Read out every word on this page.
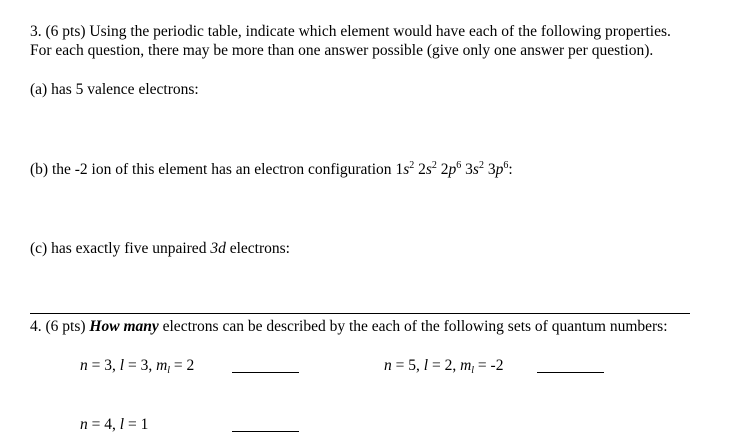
3. (6 pts) Using the periodic table, indicate which element would have each of the following properties.
For each question, there may be more than one answer possible (give only one answer per question).
(a) has 5 valence electrons:
(b) the -2 ion of this element has an electron configuration $1s^2$ $2s^2$ $2p^6$ $3s^2$ $3p^6$:
(c) has exactly five unpaired 3d electrons:
4. (6 pts) How many electrons can be described by the each of the following sets of quantum numbers:
n = 3, l = 3, $m_l = 2$	n = 5, l = 2, $m_l = -2$
n = 4, l = 1
